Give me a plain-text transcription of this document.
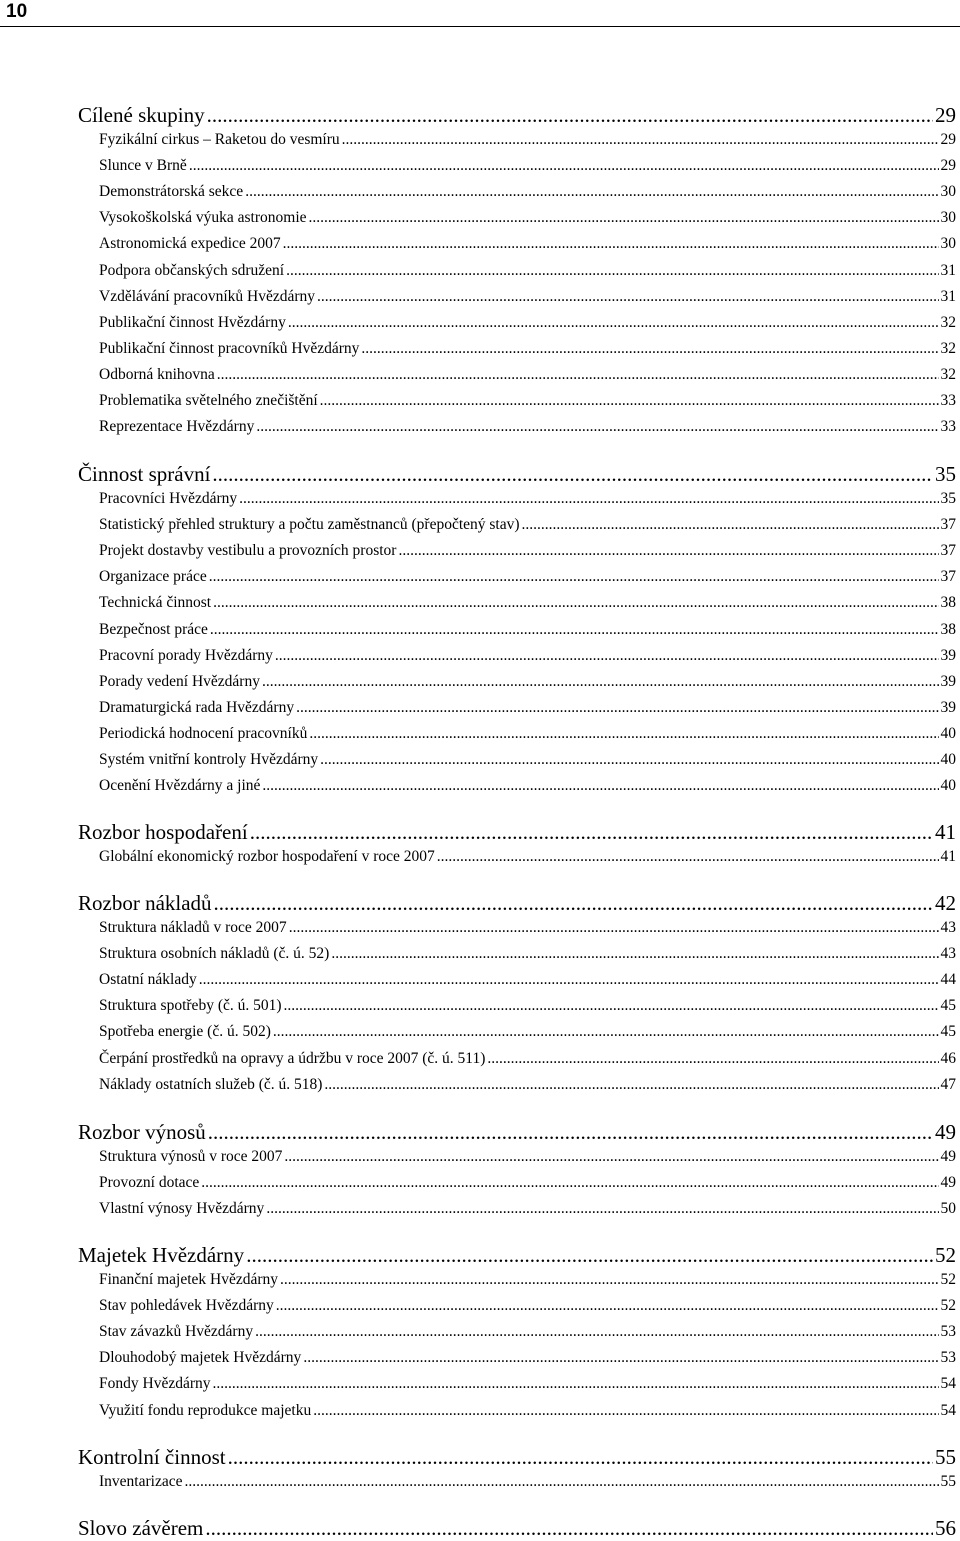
10
Cílené skupiny .....	29
Fyzikální cirkus – Raketou do vesmíru .....	29
Slunce v Brně .....	29
Demonstrátorská sekce .....	30
Vysokoškolská výuka astronomie .....	30
Astronomická expedice 2007 .....	30
Podpora občanských sdružení .....	31
Vzdělávání pracovníků Hvězdárny .....	31
Publikační činnost Hvězdárny .....	32
Publikační činnost pracovníků Hvězdárny .....	32
Odborná knihovna .....	32
Problematika světelného znečištění .....	33
Reprezentace Hvězdárny .....	33
Činnost správní .....	35
Pracovníci Hvězdárny .....	35
Statistický přehled struktury a počtu zaměstnanců (přepočtený stav) .....	37
Projekt dostavby vestibulu a provozních prostor .....	37
Organizace práce .....	37
Technická činnost .....	38
Bezpečnost práce .....	38
Pracovní porady Hvězdárny .....	39
Porady vedení Hvězdárny .....	39
Dramaturgická rada Hvězdárny .....	39
Periodická hodnocení pracovníků .....	40
Systém vnitřní kontroly Hvězdárny .....	40
Ocenění Hvězdárny a jiné .....	40
Rozbor hospodaření .....	41
Globální ekonomický rozbor hospodaření v roce 2007 .....	41
Rozbor nákladů .....	42
Struktura nákladů v roce 2007 .....	43
Struktura osobních nákladů (č. ú. 52) .....	43
Ostatní náklady .....	44
Struktura spotřeby (č. ú. 501) .....	45
Spotřeba energie (č. ú. 502) .....	45
Čerpání prostředků na opravy a údržbu v roce 2007 (č. ú. 511) .....	46
Náklady ostatních služeb (č. ú. 518) .....	47
Rozbor výnosů .....	49
Struktura výnosů v roce 2007 .....	49
Provozní dotace .....	49
Vlastní výnosy Hvězdárny .....	50
Majetek Hvězdárny .....	52
Finanční majetek Hvězdárny .....	52
Stav pohledávek Hvězdárny .....	52
Stav závazků Hvězdárny .....	53
Dlouhodobý majetek Hvězdárny .....	53
Fondy Hvězdárny .....	54
Využití fondu reprodukce majetku .....	54
Kontrolní činnost .....	55
Inventarizace .....	55
Slovo závěrem .....	56
